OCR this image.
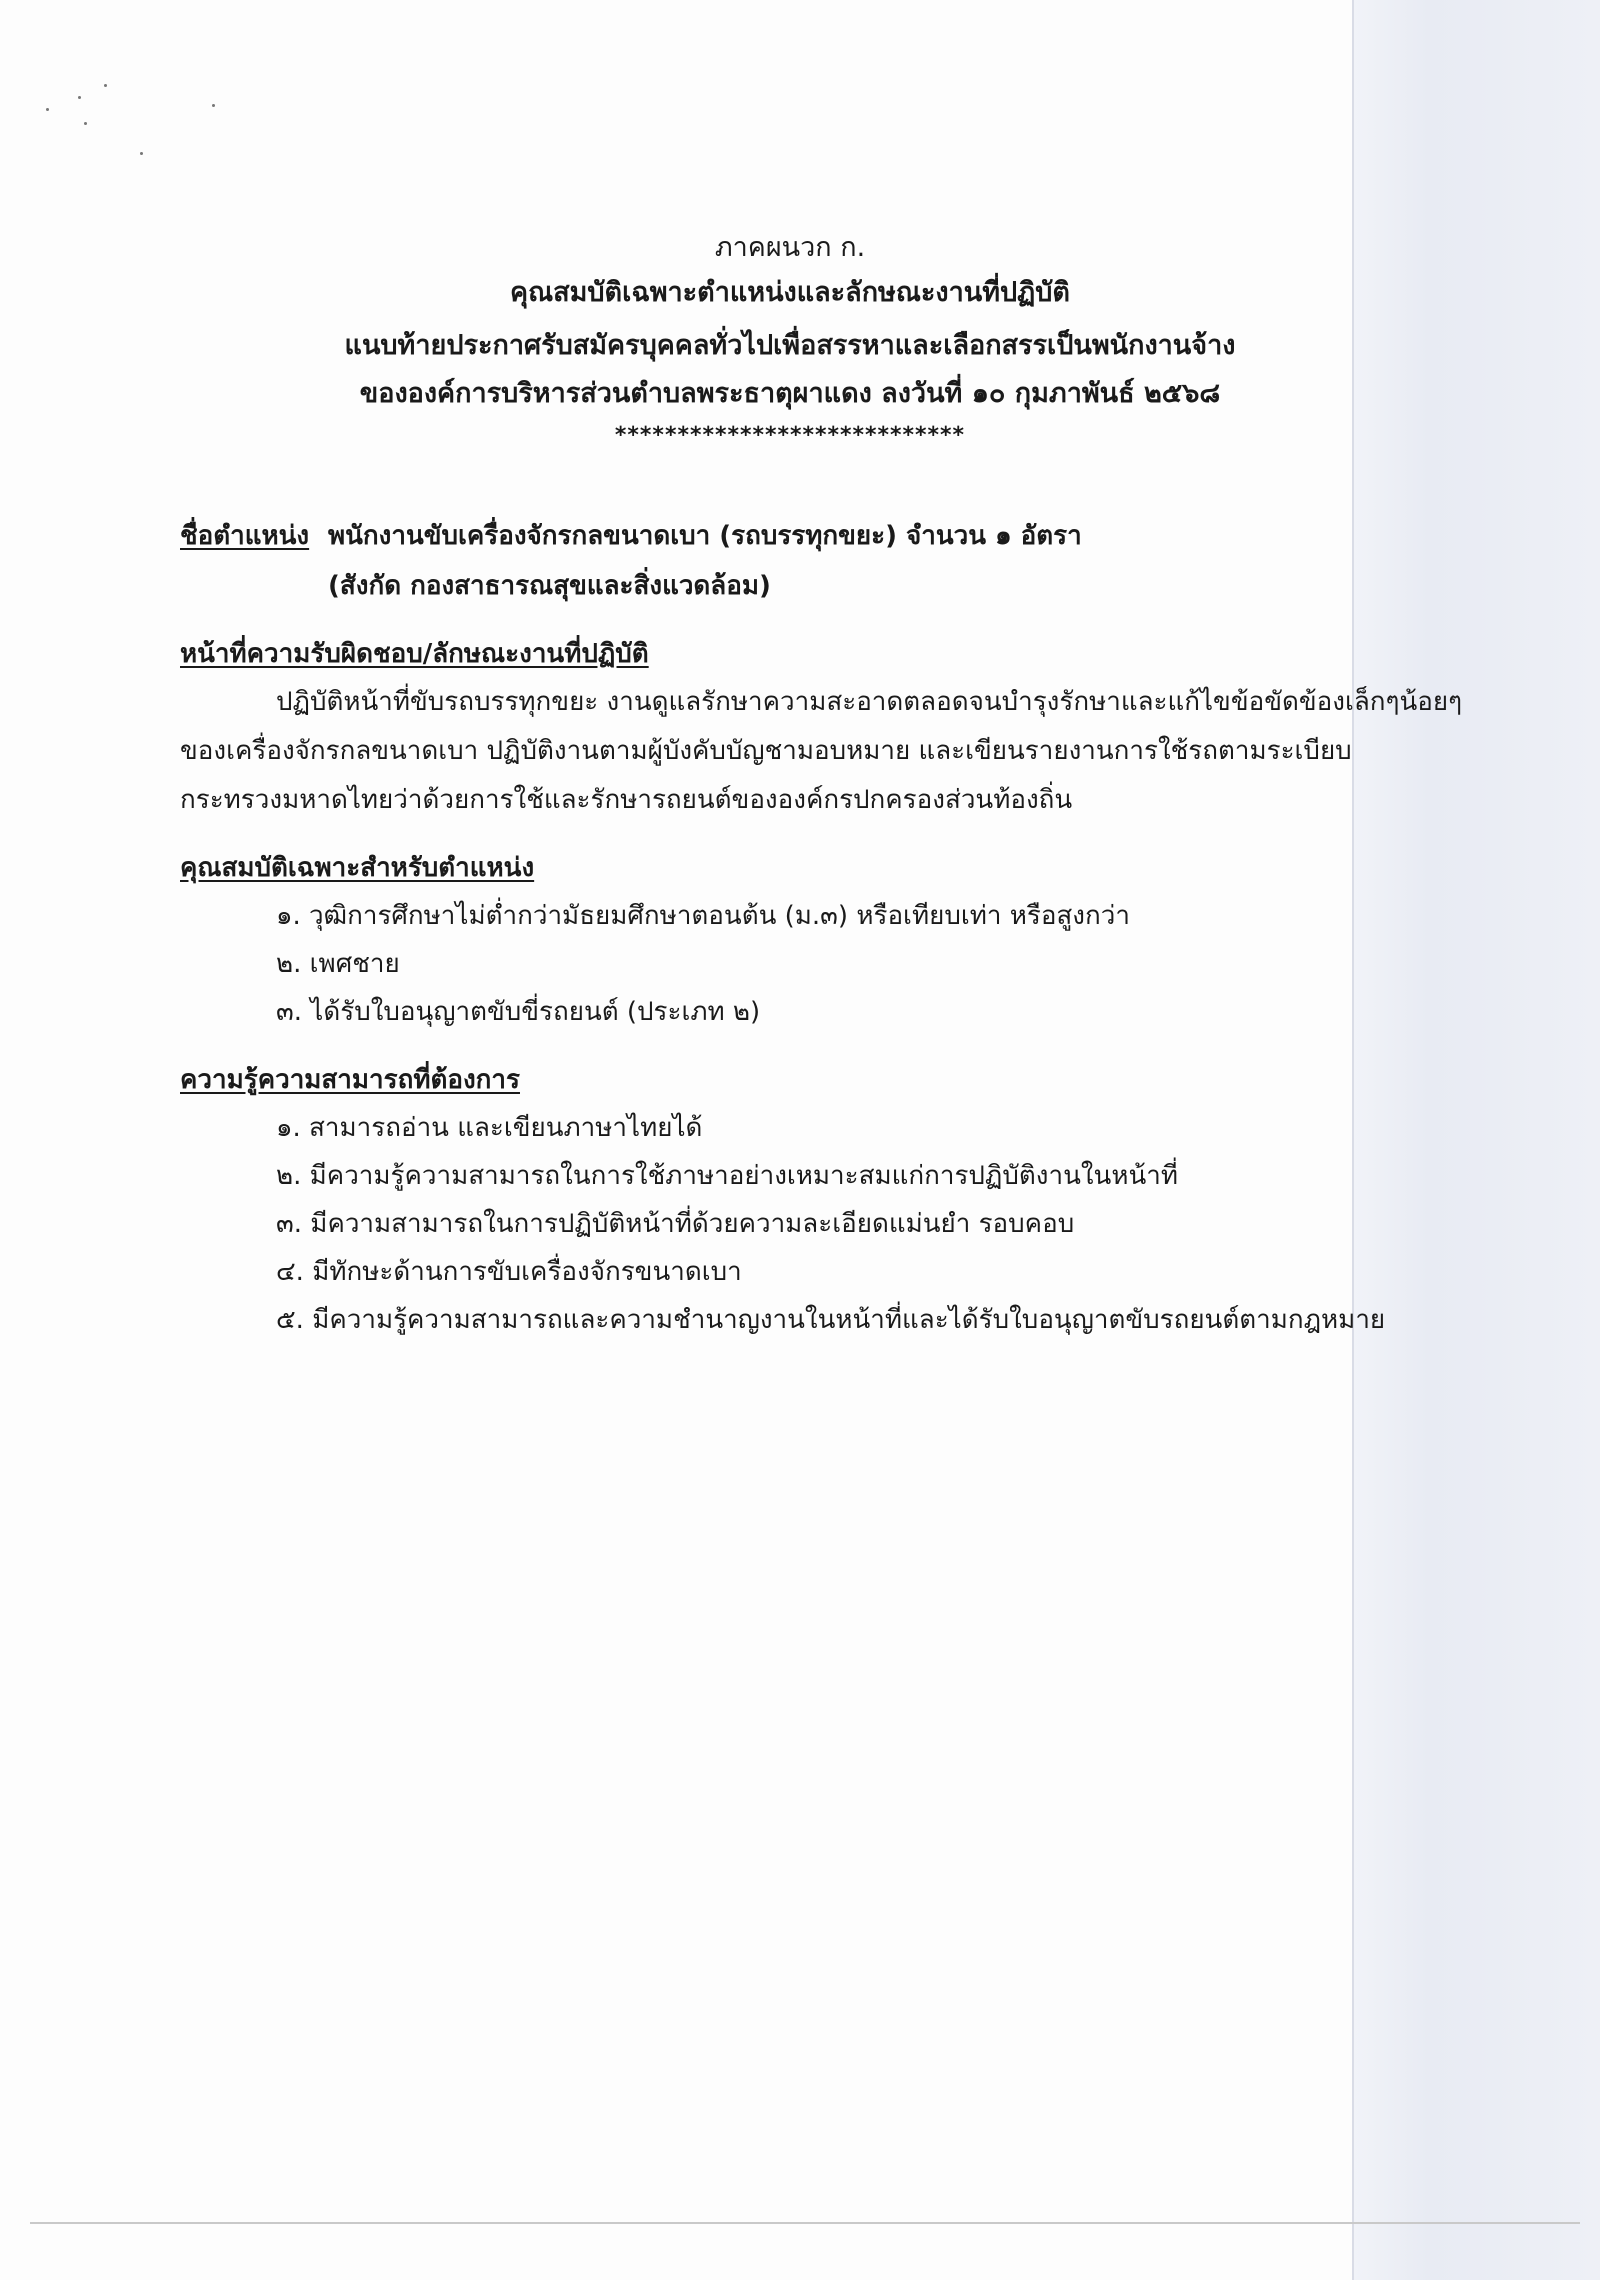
ภาคผนวก ก.
คุณสมบัติเฉพาะตำแหน่งและลักษณะงานที่ปฏิบัติ
แนบท้ายประกาศรับสมัครบุคคลทั่วไปเพื่อสรรหาและเลือกสรรเป็นพนักงานจ้าง
ขององค์การบริหารส่วนตำบลพระธาตุผาแดง ลงวันที่ ๑๐ กุมภาพันธ์ ๒๕๖๘
****************************
ชื่อตำแหน่ง พนักงานขับเครื่องจักรกลขนาดเบา (รถบรรทุกขยะ) จำนวน ๑ อัตรา
(สังกัด กองสาธารณสุขและสิ่งแวดล้อม)
หน้าที่ความรับผิดชอบ/ลักษณะงานที่ปฏิบัติ
ปฏิบัติหน้าที่ขับรถบรรทุกขยะ งานดูแลรักษาความสะอาดตลอดจนบำรุงรักษาและแก้ไขข้อขัดข้องเล็กๆน้อยๆ
ของเครื่องจักรกลขนาดเบา ปฏิบัติงานตามผู้บังคับบัญชามอบหมาย และเขียนรายงานการใช้รถตามระเบียบ
กระทรวงมหาดไทยว่าด้วยการใช้และรักษารถยนต์ขององค์กรปกครองส่วนท้องถิ่น
คุณสมบัติเฉพาะสำหรับตำแหน่ง
๑. วุฒิการศึกษาไม่ต่ำกว่ามัธยมศึกษาตอนต้น (ม.๓) หรือเทียบเท่า หรือสูงกว่า
๒. เพศชาย
๓. ได้รับใบอนุญาตขับขี่รถยนต์ (ประเภท ๒)
ความรู้ความสามารถที่ต้องการ
๑. สามารถอ่าน และเขียนภาษาไทยได้
๒. มีความรู้ความสามารถในการใช้ภาษาอย่างเหมาะสมแก่การปฏิบัติงานในหน้าที่
๓. มีความสามารถในการปฏิบัติหน้าที่ด้วยความละเอียดแม่นยำ รอบคอบ
๔. มีทักษะด้านการขับเครื่องจักรขนาดเบา
๕. มีความรู้ความสามารถและความชำนาญงานในหน้าที่และได้รับใบอนุญาตขับรถยนต์ตามกฎหมาย
